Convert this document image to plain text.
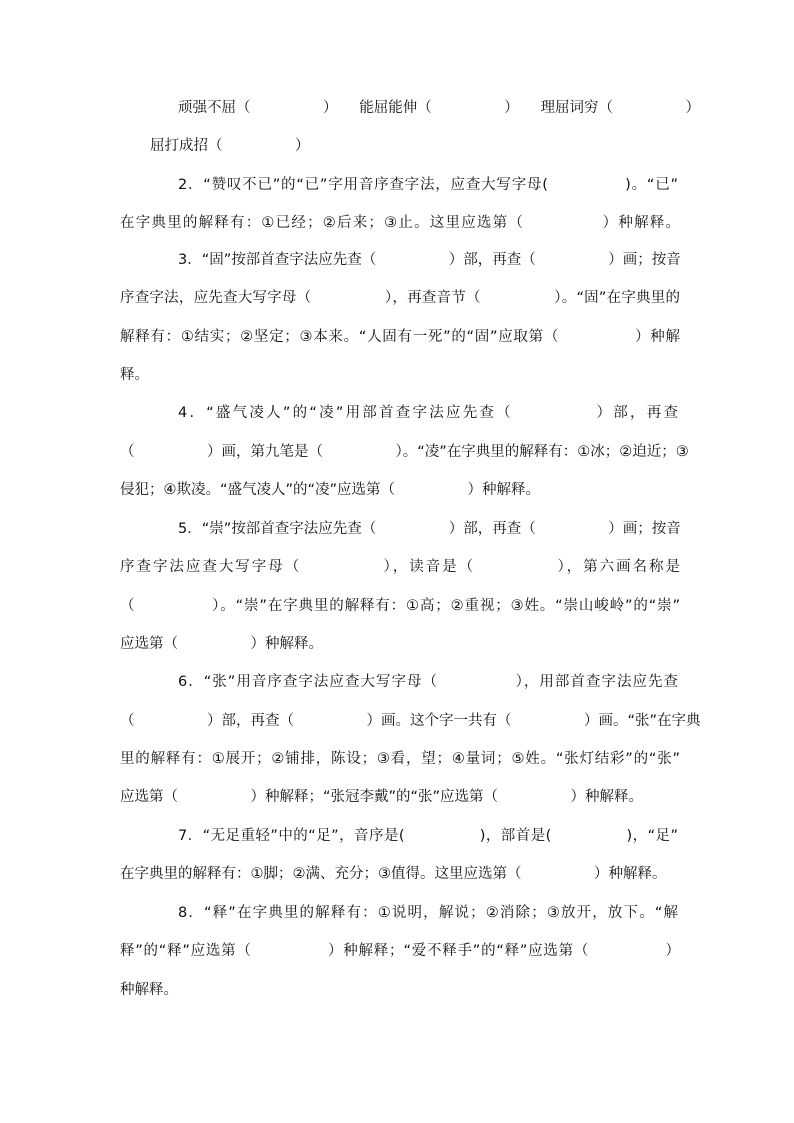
顽强不屈（　　　　　）　　能屈能伸（　　　　　）　　理屈词穷（　　　　　）
屈打成招（　　　　　）
2．“赞叹不已”的“已”字用音序查字法，应查大写字母(　　　　　)。“已”
在字典里的解释有：①已经；②后来；③止。这里应选第（　　　　　）种解释。
3．“固”按部首查字法应先查（　　　　　）部，再查（　　　　　）画；按音
序查字法，应先查大写字母（　　　　　），再查音节（　　　　　）。“固”在字典里的
解释有：①结实；②坚定；③本来。“人固有一死”的“固”应取第（　　　　　）种解
释。
4．“盛气凌人”的“凌”用部首查字法应先查（　　　　　）部，再查
（　　　　　）画，第九笔是（　　　　　）。“凌”在字典里的解释有：①冰；②迫近；③
侵犯；④欺凌。“盛气凌人”的“凌”应选第（　　　　　）种解释。
5．“崇”按部首查字法应先查（　　　　　）部，再查（　　　　　）画；按音
序查字法应查大写字母（　　　　　），读音是（　　　　　），第六画名称是
（　　　　　）。“崇”在字典里的解释有：①高；②重视；③姓。“崇山峻岭”的“崇”
应选第（　　　　　）种解释。
6．“张”用音序查字法应查大写字母（　　　　　），用部首查字法应先查
（　　　　　）部，再查（　　　　　）画。这个字一共有（　　　　　）画。“张”在字典
里的解释有：①展开；②铺排，陈设；③看，望；④量词；⑤姓。“张灯结彩”的“张”
应选第（　　　　　）种解释；“张冠李戴”的“张”应选第（　　　　　）种解释。
7．“无足重轻”中的“足”，音序是(　　　　　)，部首是(　　　　　)，“足”
在字典里的解释有：①脚；②满、充分；③值得。这里应选第（　　　　　）种解释。
8．“释”在字典里的解释有：①说明，解说；②消除；③放开，放下。“解
释”的“释”应选第（　　　　　）种解释；“爱不释手”的“释”应选第（　　　　　）
种解释。
